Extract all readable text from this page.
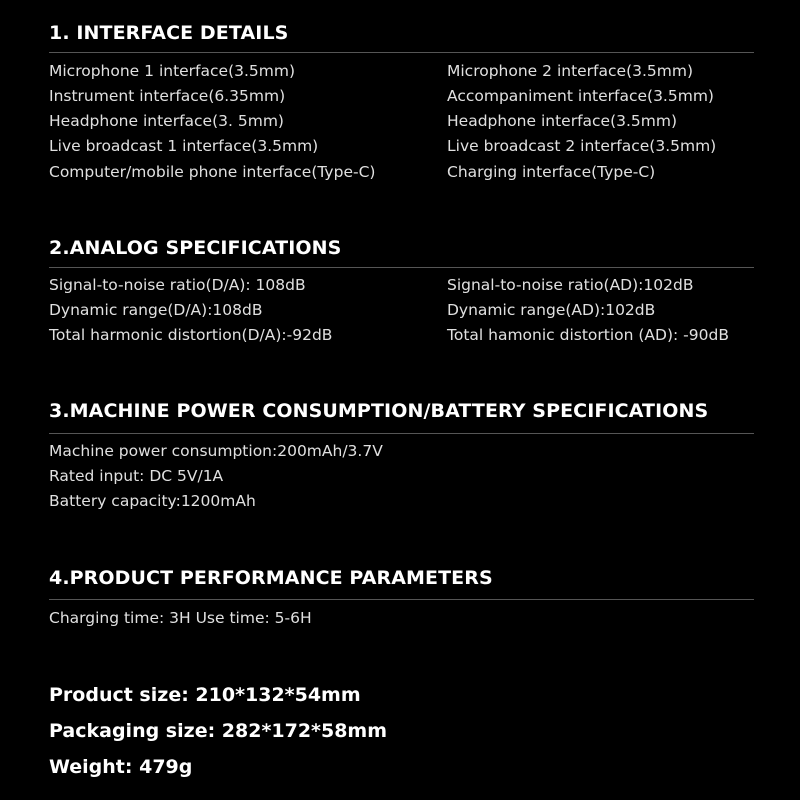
1. INTERFACE DETAILS
Microphone 1 interface(3.5mm)
Instrument interface(6.35mm)
Headphone interface(3. 5mm)
Live broadcast 1 interface(3.5mm)
Computer/mobile phone interface(Type-C)
Microphone 2 interface(3.5mm)
Accompaniment interface(3.5mm)
Headphone interface(3.5mm)
Live broadcast 2 interface(3.5mm)
Charging interface(Type-C)
2.ANALOG SPECIFICATIONS
Signal-to-noise ratio(D/A): 108dB
Dynamic range(D/A):108dB
Total harmonic distortion(D/A):-92dB
Signal-to-noise ratio(AD):102dB
Dynamic range(AD):102dB
Total hamonic distortion (AD): -90dB
3.MACHINE POWER CONSUMPTION/BATTERY SPECIFICATIONS
Machine power consumption:200mAh/3.7V
Rated input: DC 5V/1A
Battery capacity:1200mAh
4.PRODUCT PERFORMANCE PARAMETERS
Charging time: 3H Use time: 5-6H
Product size: 210*132*54mm
Packaging size: 282*172*58mm
Weight: 479g
